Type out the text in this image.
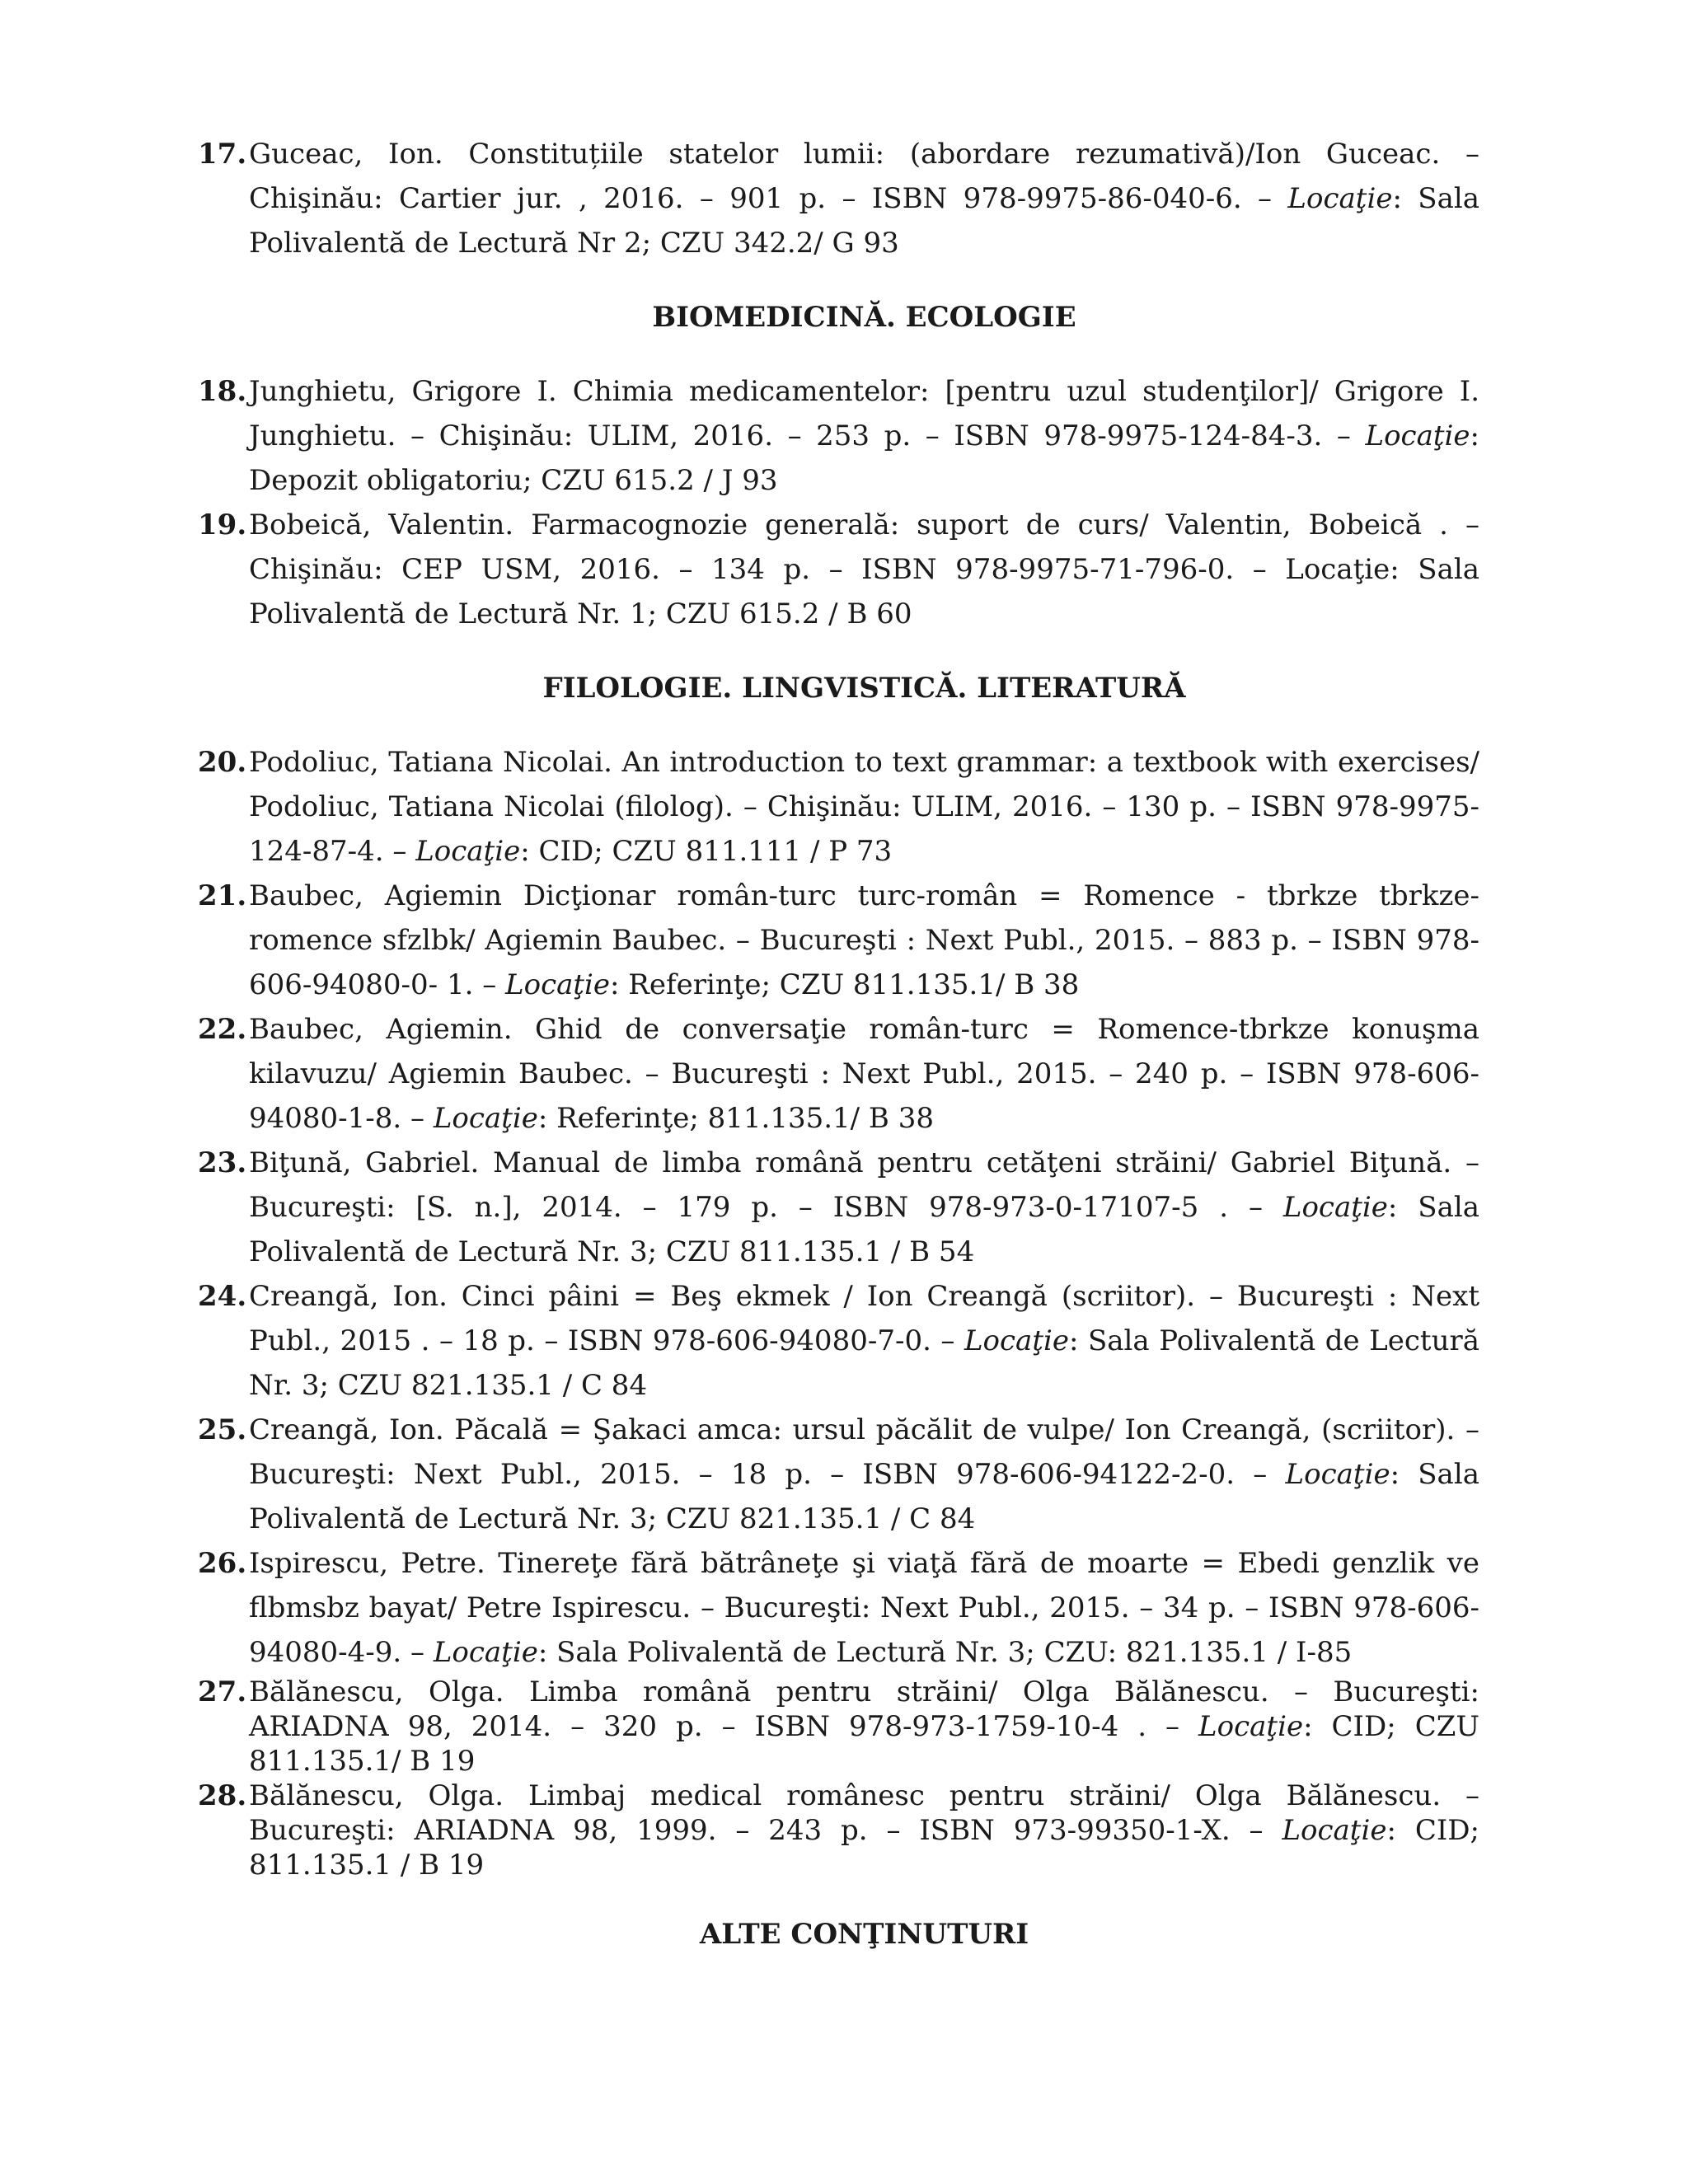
17. Guceac, Ion. Constituțiile statelor lumii: (abordare rezumativă)/Ion Guceac. – Chişinău: Cartier jur. , 2016. – 901 p. – ISBN 978-9975-86-040-6. – Locaţie: Sala Polivalentă de Lectură Nr 2; CZU 342.2/ G 93
BIOMEDICINĂ. ECOLOGIE
18. Junghietu, Grigore I. Chimia medicamentelor: [pentru uzul studenţilor]/ Grigore I. Junghietu. – Chişinău: ULIM, 2016. – 253 p. – ISBN 978-9975-124-84-3. – Locaţie: Depozit obligatoriu; CZU 615.2 / J 93
19. Bobeică, Valentin. Farmacognozie generală: suport de curs/ Valentin, Bobeică . – Chişinău: CEP USM, 2016. – 134 p. – ISBN 978-9975-71-796-0. – Locaţie: Sala Polivalentă de Lectură Nr. 1; CZU 615.2 / B 60
FILOLOGIE. LINGVISTICĂ. LITERATURĂ
20. Podoliuc, Tatiana Nicolai. An introduction to text grammar: a textbook with exercises/ Podoliuc, Tatiana Nicolai (filolog). – Chişinău: ULIM, 2016. – 130 p. – ISBN 978-9975-124-87-4. – Locaţie: CID; CZU 811.111 / P 73
21. Baubec, Agiemin Dicţionar român-turc turc-român = Romence - tbrkze tbrkze-romence sfzlbk/ Agiemin Baubec. – Bucureşti : Next Publ., 2015. – 883 p. – ISBN 978-606-94080-0- 1. – Locaţie: Referinţe; CZU 811.135.1/ B 38
22. Baubec, Agiemin. Ghid de conversaţie român-turc = Romence-tbrkze konuşma kilavuzu/ Agiemin Baubec. – Bucureşti : Next Publ., 2015. – 240 p. – ISBN 978-606-94080-1-8. – Locaţie: Referinţe; 811.135.1/ B 38
23. Biţună, Gabriel. Manual de limba română pentru cetăţeni străini/ Gabriel Biţună. – Bucureşti: [S. n.], 2014. – 179 p. – ISBN 978-973-0-17107-5 . – Locaţie: Sala Polivalentă de Lectură Nr. 3; CZU 811.135.1 / B 54
24. Creangă, Ion. Cinci pâini = Beş ekmek / Ion Creangă (scriitor). – Bucureşti : Next Publ., 2015 . – 18 p. – ISBN 978-606-94080-7-0. – Locaţie: Sala Polivalentă de Lectură Nr. 3; CZU 821.135.1 / C 84
25. Creangă, Ion. Păcală = Şakaci amca: ursul păcălit de vulpe/ Ion Creangă, (scriitor). – Bucureşti: Next Publ., 2015. – 18 p. – ISBN 978-606-94122-2-0. – Locaţie: Sala Polivalentă de Lectură Nr. 3; CZU 821.135.1 / C 84
26. Ispirescu, Petre. Tinereţe fără bătrâneţe şi viaţă fără de moarte = Ebedi genzlik ve flbmsbz bayat/ Petre Ispirescu. – Bucureşti: Next Publ., 2015. – 34 p. – ISBN 978-606-94080-4-9. – Locaţie: Sala Polivalentă de Lectură Nr. 3; CZU: 821.135.1 / I-85
27. Bălănescu, Olga. Limba română pentru străini/ Olga Bălănescu. – Bucureşti: ARIADNA 98, 2014. – 320 p. – ISBN 978-973-1759-10-4 . – Locaţie: CID; CZU 811.135.1/ B 19
28. Bălănescu, Olga. Limbaj medical românesc pentru străini/ Olga Bălănescu. – Bucureşti: ARIADNA 98, 1999. – 243 p. – ISBN 973-99350-1-X. – Locaţie: CID; 811.135.1 / B 19
ALTE CONŢINUTURI
